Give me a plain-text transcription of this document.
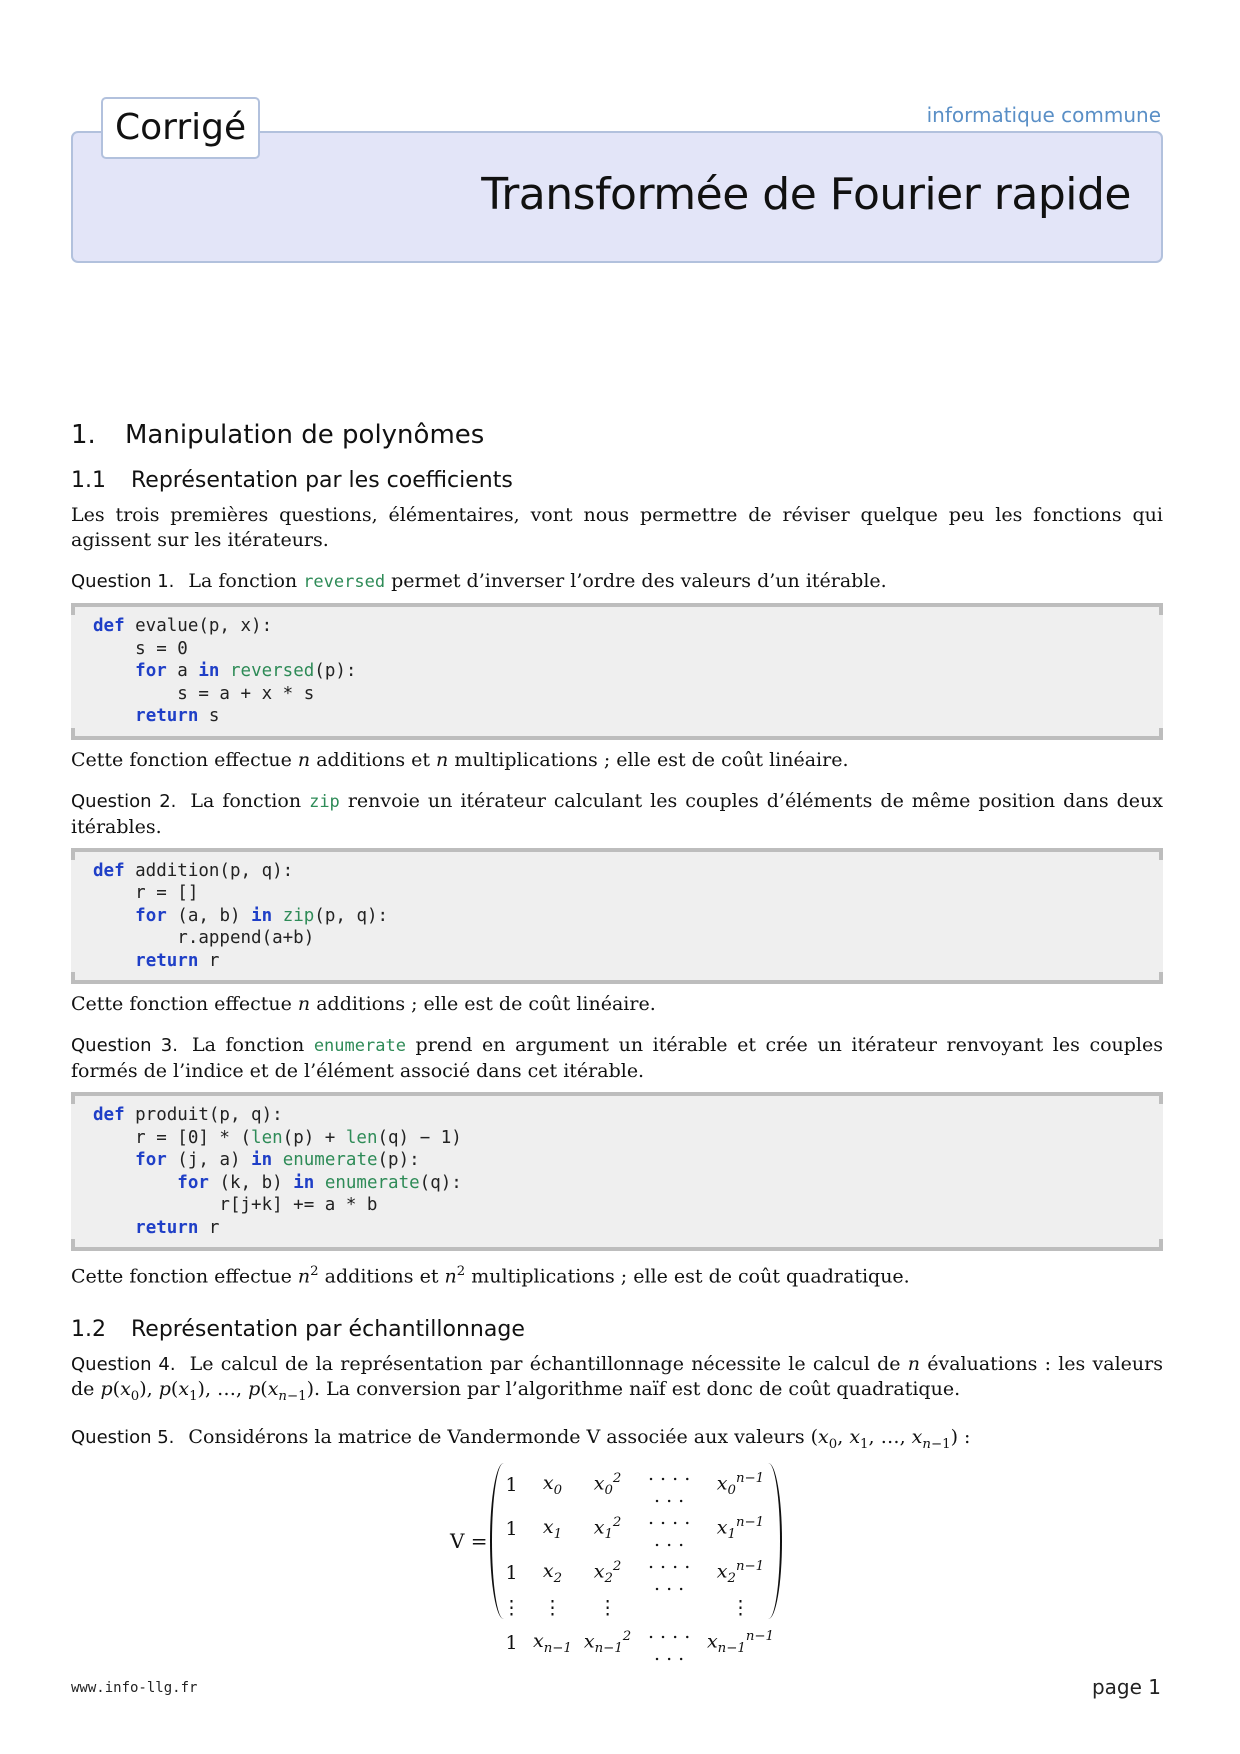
informatique commune
Transformée de Fourier rapide
Corrigé
1. Manipulation de polynômes
1.1 Représentation par les coefficients

Les trois premières questions, élémentaires, vont nous permettre de réviser quelque peu les fonctions qui agissent sur les itérateurs.

Question 1. La fonction reversed permet d’inverser l’ordre des valeurs d’un itérable.

def evalue(p, x):
s = 0
for a in reversed(p):
s = a + x * s
return s

Cette fonction effectue n additions et n multiplications ; elle est de coût linéaire.

Question 2. La fonction zip renvoie un itérateur calculant les couples d’éléments de même position dans deux itérables.

def addition(p, q):
r = []
for (a, b) in zip(p, q):
r.append(a+b)
return r

Cette fonction effectue n additions ; elle est de coût linéaire.

Question 3. La fonction enumerate prend en argument un itérable et crée un itérateur renvoyant les couples formés de l’indice et de l’élément associé dans cet itérable.

def produit(p, q):
r = [0] * (len(p) + len(q) − 1)
for (j, a) in enumerate(p):
for (k, b) in enumerate(q):
r[j+k] += a * b
return r

Cette fonction effectue $n^2$ additions et $n^2$ multiplications ; elle est de coût quadratique.

1.2 Représentation par échantillonnage

Question 4. Le calcul de la représentation par échantillonnage nécessite le calcul de n évaluations : les valeurs de $p(x_0)$, $p(x_1)$, …, $p(x_{n-1})$. La conversion par l’algorithme naïf est donc de coût quadratique.

Question 5. Considérons la matrice de Vandermonde V associée aux valeurs ($x_0$, $x_1$, …, $x_{n-1}$) :

V =
1	$x_0$	$x_0^2$	. . . . . . .	$x_0^{n-1}$
1	$x_1$	$x_1^2$	. . . . . . .	$x_1^{n-1}$
1	$x_2$	$x_2^2$	. . . . . . .	$x_2^{n-1}$
⋮	⋮	⋮		⋮
1	$x_{n-1}$	$x_{n-1}^2$	. . . . . . .	$x_{n-1}^{n-1}$
www.info-llg.fr	page 1
